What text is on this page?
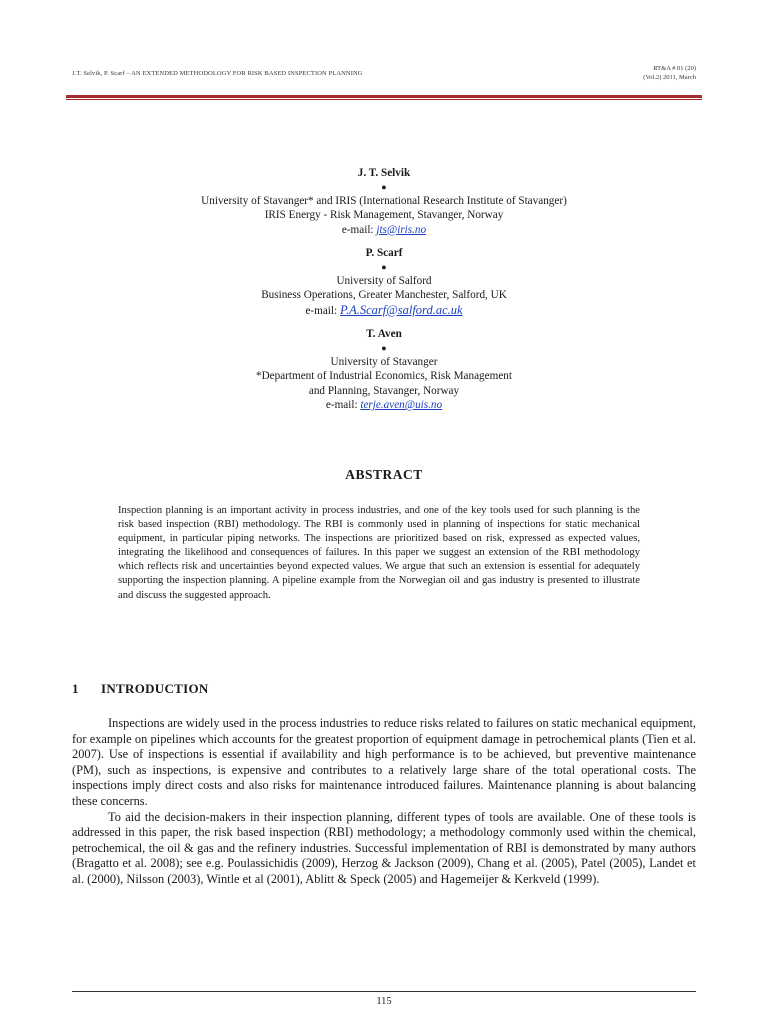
J.T. Selvik, P. Scarf – AN EXTENDED METHODOLOGY FOR RISK BASED INSPECTION PLANNING
RT&A # 01 (20)
(Vol.2) 2011, March
J. T. Selvik
●
University of Stavanger* and IRIS (International Research Institute of Stavanger)
IRIS Energy - Risk Management, Stavanger, Norway
e-mail: jts@iris.no
P. Scarf
●
University of Salford
Business Operations, Greater Manchester, Salford, UK
e-mail: P.A.Scarf@salford.ac.uk
T. Aven
●
University of Stavanger
*Department of Industrial Economics, Risk Management
and Planning, Stavanger, Norway
e-mail: terje.aven@uis.no
ABSTRACT
Inspection planning is an important activity in process industries, and one of the key tools used for such planning is the risk based inspection (RBI) methodology. The RBI is commonly used in planning of inspections for static mechanical equipment, in particular piping networks. The inspections are prioritized based on risk, expressed as expected values, integrating the likelihood and consequences of failures. In this paper we suggest an extension of the RBI methodology which reflects risk and uncertainties beyond expected values. We argue that such an extension is essential for adequately supporting the inspection planning. A pipeline example from the Norwegian oil and gas industry is presented to illustrate and discuss the suggested approach.
1 INTRODUCTION

Inspections are widely used in the process industries to reduce risks related to failures on static mechanical equipment, for example on pipelines which accounts for the greatest proportion of equipment damage in petrochemical plants (Tien et al. 2007). Use of inspections is essential if availability and high performance is to be achieved, but preventive maintenance (PM), such as inspections, is expensive and contributes to a relatively large share of the total operational costs. The inspections imply direct costs and also risks for maintenance introduced failures. Maintenance planning is about balancing these concerns.

To aid the decision-makers in their inspection planning, different types of tools are available. One of these tools is addressed in this paper, the risk based inspection (RBI) methodology; a methodology commonly used within the chemical, petrochemical, the oil & gas and the refinery industries. Successful implementation of RBI is demonstrated by many authors (Bragatto et al. 2008); see e.g. Poulassichidis (2009), Herzog & Jackson (2009), Chang et al. (2005), Patel (2005), Landet et al. (2000), Nilsson (2003), Wintle et al (2001), Ablitt & Speck (2005) and Hagemeijer & Kerkveld (1999).

115
